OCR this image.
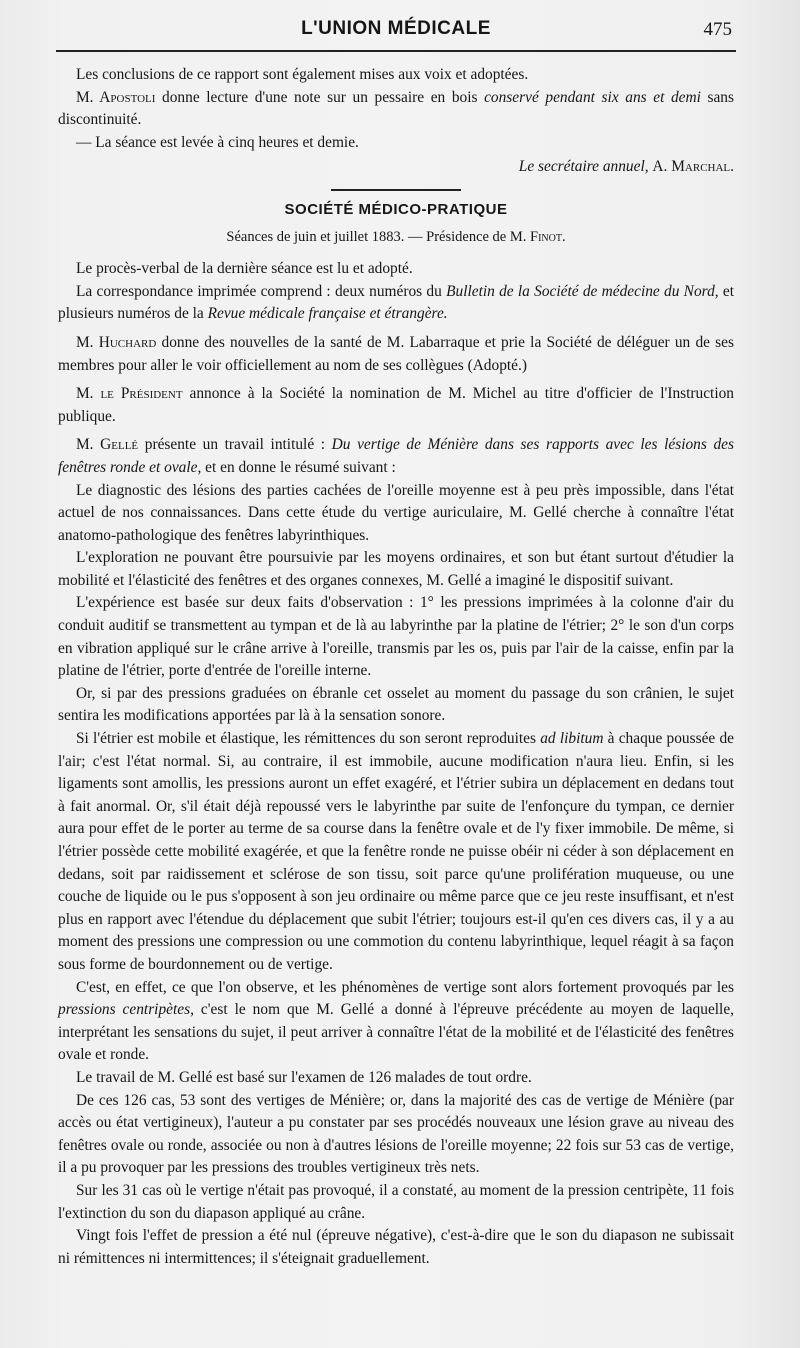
L'UNION MÉDICALE	475

Les conclusions de ce rapport sont également mises aux voix et adoptées.

M. Apostoli donne lecture d'une note sur un pessaire en bois conservé pendant six ans et demi sans discontinuité.

— La séance est levée à cinq heures et demie.

Le secrétaire annuel, A. Marchal.
SOCIÉTÉ MÉDICO-PRATIQUE
Séances de juin et juillet 1883. — Présidence de M. Finot.

Le procès-verbal de la dernière séance est lu et adopté.

La correspondance imprimée comprend : deux numéros du Bulletin de la Société de médecine du Nord, et plusieurs numéros de la Revue médicale française et étrangère.

M. Huchard donne des nouvelles de la santé de M. Labarraque et prie la Société de déléguer un de ses membres pour aller le voir officiellement au nom de ses collègues (Adopté.)

M. le Président annonce à la Société la nomination de M. Michel au titre d'officier de l'Instruction publique.

M. Gellé présente un travail intitulé : Du vertige de Ménière dans ses rapports avec les lésions des fenêtres ronde et ovale, et en donne le résumé suivant :

Le diagnostic des lésions des parties cachées de l'oreille moyenne est à peu près impossible, dans l'état actuel de nos connaissances. Dans cette étude du vertige auriculaire, M. Gellé cherche à connaître l'état anatomo-pathologique des fenêtres labyrinthiques.

L'exploration ne pouvant être poursuivie par les moyens ordinaires, et son but étant surtout d'étudier la mobilité et l'élasticité des fenêtres et des organes connexes, M. Gellé a imaginé le dispositif suivant.

L'expérience est basée sur deux faits d'observation : 1° les pressions imprimées à la colonne d'air du conduit auditif se transmettent au tympan et de là au labyrinthe par la platine de l'étrier; 2° le son d'un corps en vibration appliqué sur le crâne arrive à l'oreille, transmis par les os, puis par l'air de la caisse, enfin par la platine de l'étrier, porte d'entrée de l'oreille interne.

Or, si par des pressions graduées on ébranle cet osselet au moment du passage du son crânien, le sujet sentira les modifications apportées par là à la sensation sonore.

Si l'étrier est mobile et élastique, les rémittences du son seront reproduites ad libitum à chaque poussée de l'air; c'est l'état normal. Si, au contraire, il est immobile, aucune modification n'aura lieu. Enfin, si les ligaments sont amollis, les pressions auront un effet exagéré, et l'étrier subira un déplacement en dedans tout à fait anormal. Or, s'il était déjà repoussé vers le labyrinthe par suite de l'enfonçure du tympan, ce dernier aura pour effet de le porter au terme de sa course dans la fenêtre ovale et de l'y fixer immobile. De même, si l'étrier possède cette mobilité exagérée, et que la fenêtre ronde ne puisse obéir ni céder à son déplacement en dedans, soit par raidissement et sclérose de son tissu, soit parce qu'une prolifération muqueuse, ou une couche de liquide ou le pus s'opposent à son jeu ordinaire ou même parce que ce jeu reste insuffisant, et n'est plus en rapport avec l'étendue du déplacement que subit l'étrier; toujours est-il qu'en ces divers cas, il y a au moment des pressions une compression ou une commotion du contenu labyrinthique, lequel réagit à sa façon sous forme de bourdonnement ou de vertige.

C'est, en effet, ce que l'on observe, et les phénomènes de vertige sont alors fortement provoqués par les pressions centripètes, c'est le nom que M. Gellé a donné à l'épreuve précédente au moyen de laquelle, interprétant les sensations du sujet, il peut arriver à connaître l'état de la mobilité et de l'élasticité des fenêtres ovale et ronde.

Le travail de M. Gellé est basé sur l'examen de 126 malades de tout ordre.

De ces 126 cas, 53 sont des vertiges de Ménière; or, dans la majorité des cas de vertige de Ménière (par accès ou état vertigineux), l'auteur a pu constater par ses procédés nouveaux une lésion grave au niveau des fenêtres ovale ou ronde, associée ou non à d'autres lésions de l'oreille moyenne; 22 fois sur 53 cas de vertige, il a pu provoquer par les pressions des troubles vertigineux très nets.

Sur les 31 cas où le vertige n'était pas provoqué, il a constaté, au moment de la pression centripète, 11 fois l'extinction du son du diapason appliqué au crâne.

Vingt fois l'effet de pression a été nul (épreuve négative), c'est-à-dire que le son du diapason ne subissait ni rémittences ni intermittences; il s'éteignait graduellement.
